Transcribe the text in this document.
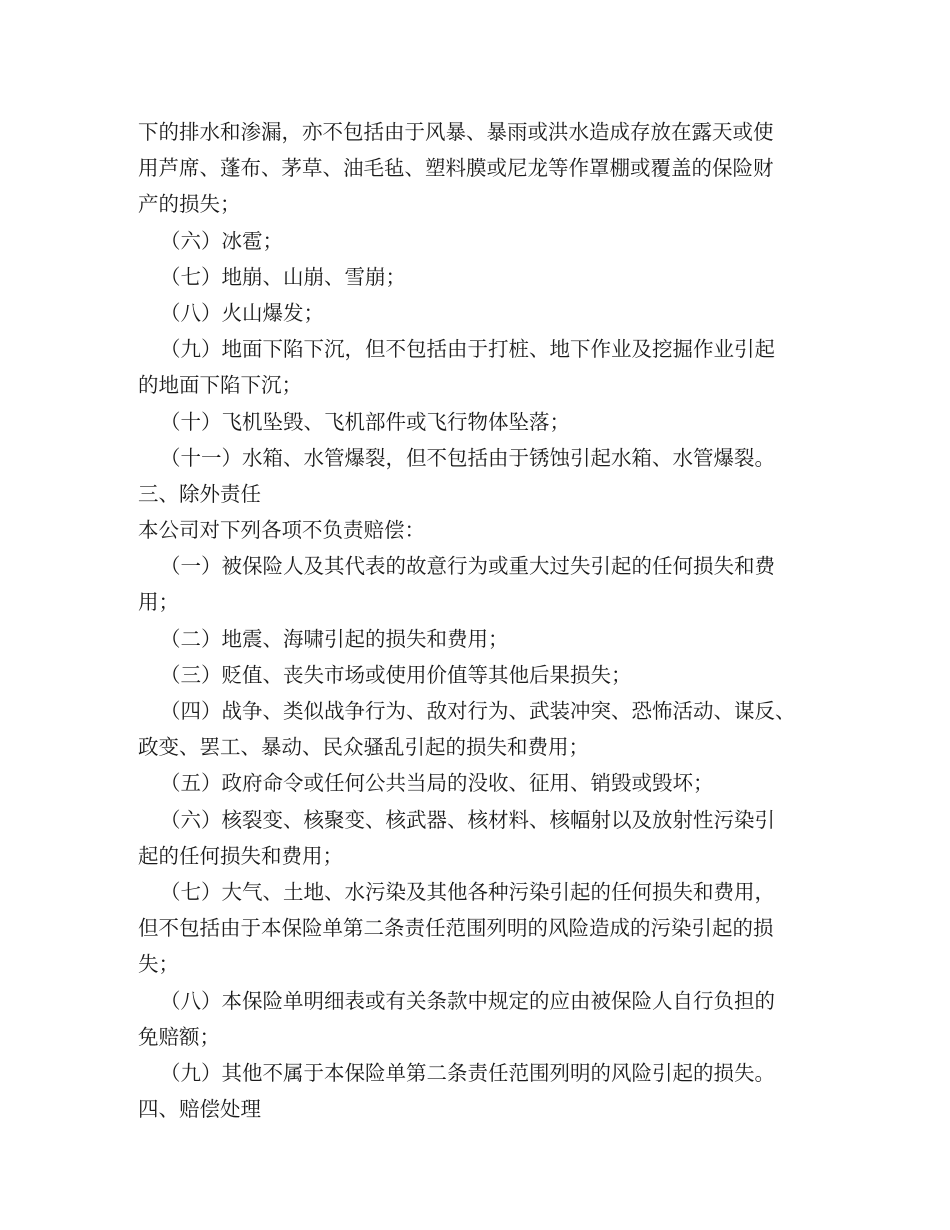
下的排水和渗漏，亦不包括由于风暴、暴雨或洪水造成存放在露天或使
用芦席、蓬布、茅草、油毛毡、塑料膜或尼龙等作罩棚或覆盖的保险财
产的损失；
（六）冰雹；
（七）地崩、山崩、雪崩；
（八）火山爆发；
（九）地面下陷下沉，但不包括由于打桩、地下作业及挖掘作业引起
的地面下陷下沉；
（十）飞机坠毁、飞机部件或飞行物体坠落；
（十一）水箱、水管爆裂，但不包括由于锈蚀引起水箱、水管爆裂。
三、除外责任
本公司对下列各项不负责赔偿：
（一）被保险人及其代表的故意行为或重大过失引起的任何损失和费
用；
（二）地震、海啸引起的损失和费用；
（三）贬值、丧失市场或使用价值等其他后果损失；
（四）战争、类似战争行为、敌对行为、武装冲突、恐怖活动、谋反、
政变、罢工、暴动、民众骚乱引起的损失和费用；
（五）政府命令或任何公共当局的没收、征用、销毁或毁坏；
（六）核裂变、核聚变、核武器、核材料、核幅射以及放射性污染引
起的任何损失和费用；
（七）大气、土地、水污染及其他各种污染引起的任何损失和费用，
但不包括由于本保险单第二条责任范围列明的风险造成的污染引起的损
失；
（八）本保险单明细表或有关条款中规定的应由被保险人自行负担的
免赔额；
（九）其他不属于本保险单第二条责任范围列明的风险引起的损失。
四、赔偿处理
